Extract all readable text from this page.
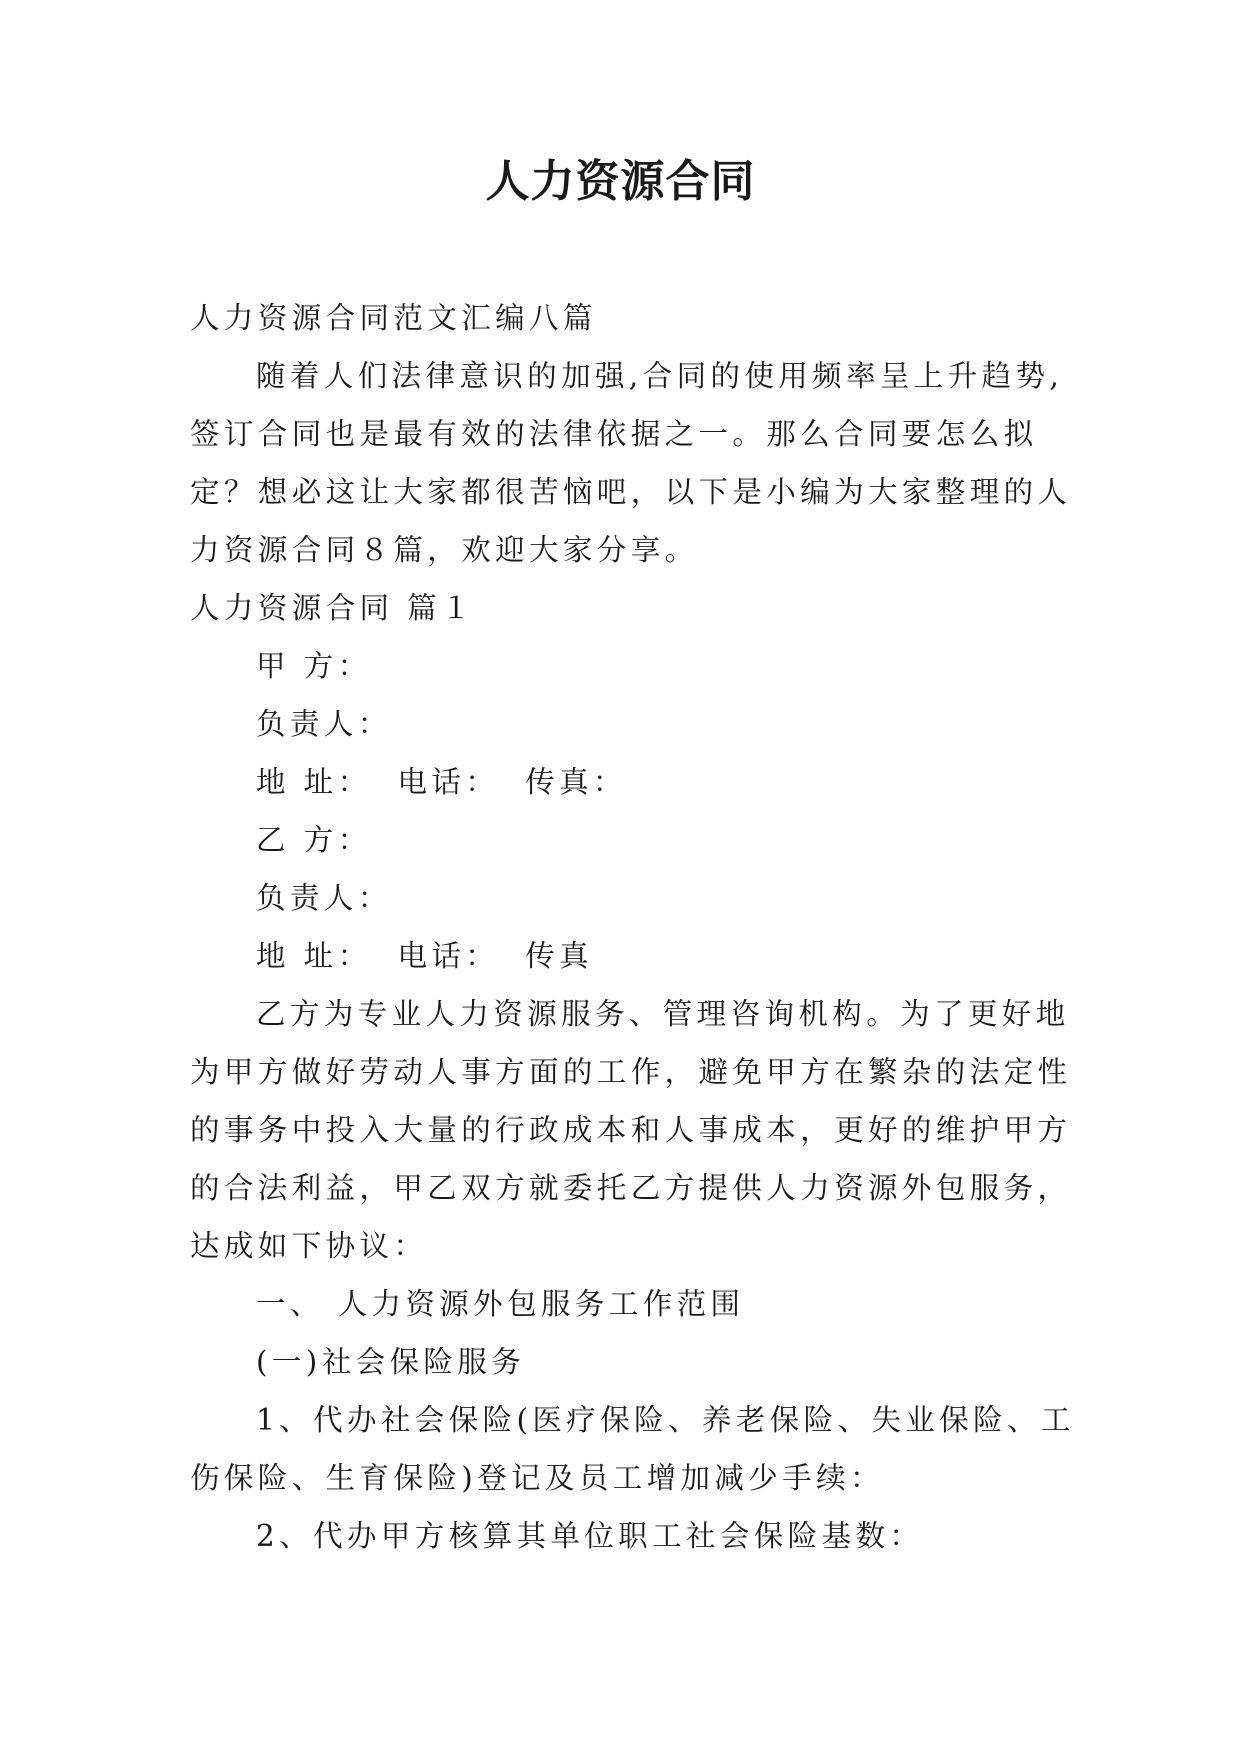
人力资源合同
人力资源合同范文汇编八篇
随着人们法律意识的加强,合同的使用频率呈上升趋势,
签订合同也是最有效的法律依据之一。那么合同要怎么拟
定？想必这让大家都很苦恼吧，以下是小编为大家整理的人
力资源合同８篇，欢迎大家分享。
人力资源合同 篇１
甲 方：
负责人：
地 址： 电话： 传真：
乙 方：
负责人：
地 址： 电话： 传真
乙方为专业人力资源服务、管理咨询机构。为了更好地
为甲方做好劳动人事方面的工作，避免甲方在繁杂的法定性
的事务中投入大量的行政成本和人事成本，更好的维护甲方
的合法利益，甲乙双方就委托乙方提供人力资源外包服务，
达成如下协议：
一、 人力资源外包服务工作范围
(一)社会保险服务
1、代办社会保险(医疗保险、养老保险、失业保险、工
伤保险、生育保险)登记及员工增加减少手续：
2、代办甲方核算其单位职工社会保险基数：
